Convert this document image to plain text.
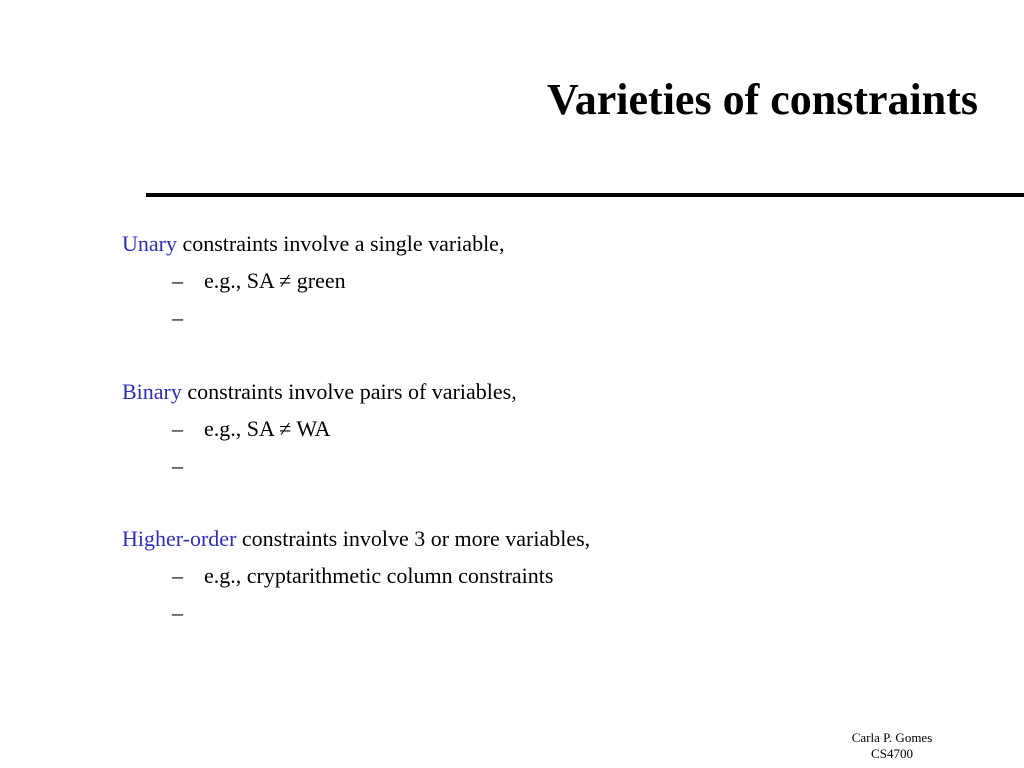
Varieties of constraints
Unary constraints involve a single variable,
– e.g., SA ≠ green
–
Binary constraints involve pairs of variables,
– e.g., SA ≠ WA
–
Higher-order constraints involve 3 or more variables,
– e.g., cryptarithmetic column constraints
–
Carla P. Gomes
CS4700
